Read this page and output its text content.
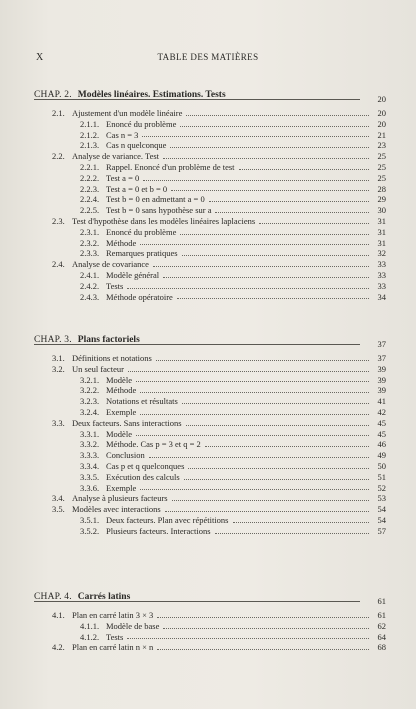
X	TABLE DES MATIÈRES
CHAP. 2. Modèles linéaires. Estimations. Tests	20
2.1. Ajustement d'un modèle linéaire	20
2.1.1. Enoncé du problème	20
2.1.2. Cas n = 3	21
2.1.3. Cas n quelconque	23
2.2. Analyse de variance. Test	25
2.2.1. Rappel. Enoncé d'un problème de test	25
2.2.2. Test a = 0	25
2.2.3. Test a = 0 et b = 0	28
2.2.4. Test b = 0 en admettant a = 0	29
2.2.5. Test b = 0 sans hypothèse sur a	30
2.3. Test d'hypothèse dans les modèles linéaires laplaciens	31
2.3.1. Enoncé du problème	31
2.3.2. Méthode	31
2.3.3. Remarques pratiques	32
2.4. Analyse de covariance	33
2.4.1. Modèle général	33
2.4.2. Tests	33
2.4.3. Méthode opératoire	34
CHAP. 3. Plans factoriels	37
3.1. Définitions et notations	37
3.2. Un seul facteur	39
3.2.1. Modèle	39
3.2.2. Méthode	39
3.2.3. Notations et résultats	41
3.2.4. Exemple	42
3.3. Deux facteurs. Sans interactions	45
3.3.1. Modèle	45
3.3.2. Méthode. Cas p = 3 et q = 2	46
3.3.3. Conclusion	49
3.3.4. Cas p et q quelconques	50
3.3.5. Exécution des calculs	51
3.3.6. Exemple	52
3.4. Analyse à plusieurs facteurs	53
3.5. Modèles avec interactions	54
3.5.1. Deux facteurs. Plan avec répétitions	54
3.5.2. Plusieurs facteurs. Interactions	57
CHAP. 4. Carrés latins	61
4.1. Plan en carré latin 3 × 3	61
4.1.1. Modèle de base	62
4.1.2. Tests	64
4.2. Plan en carré latin n × n	68
